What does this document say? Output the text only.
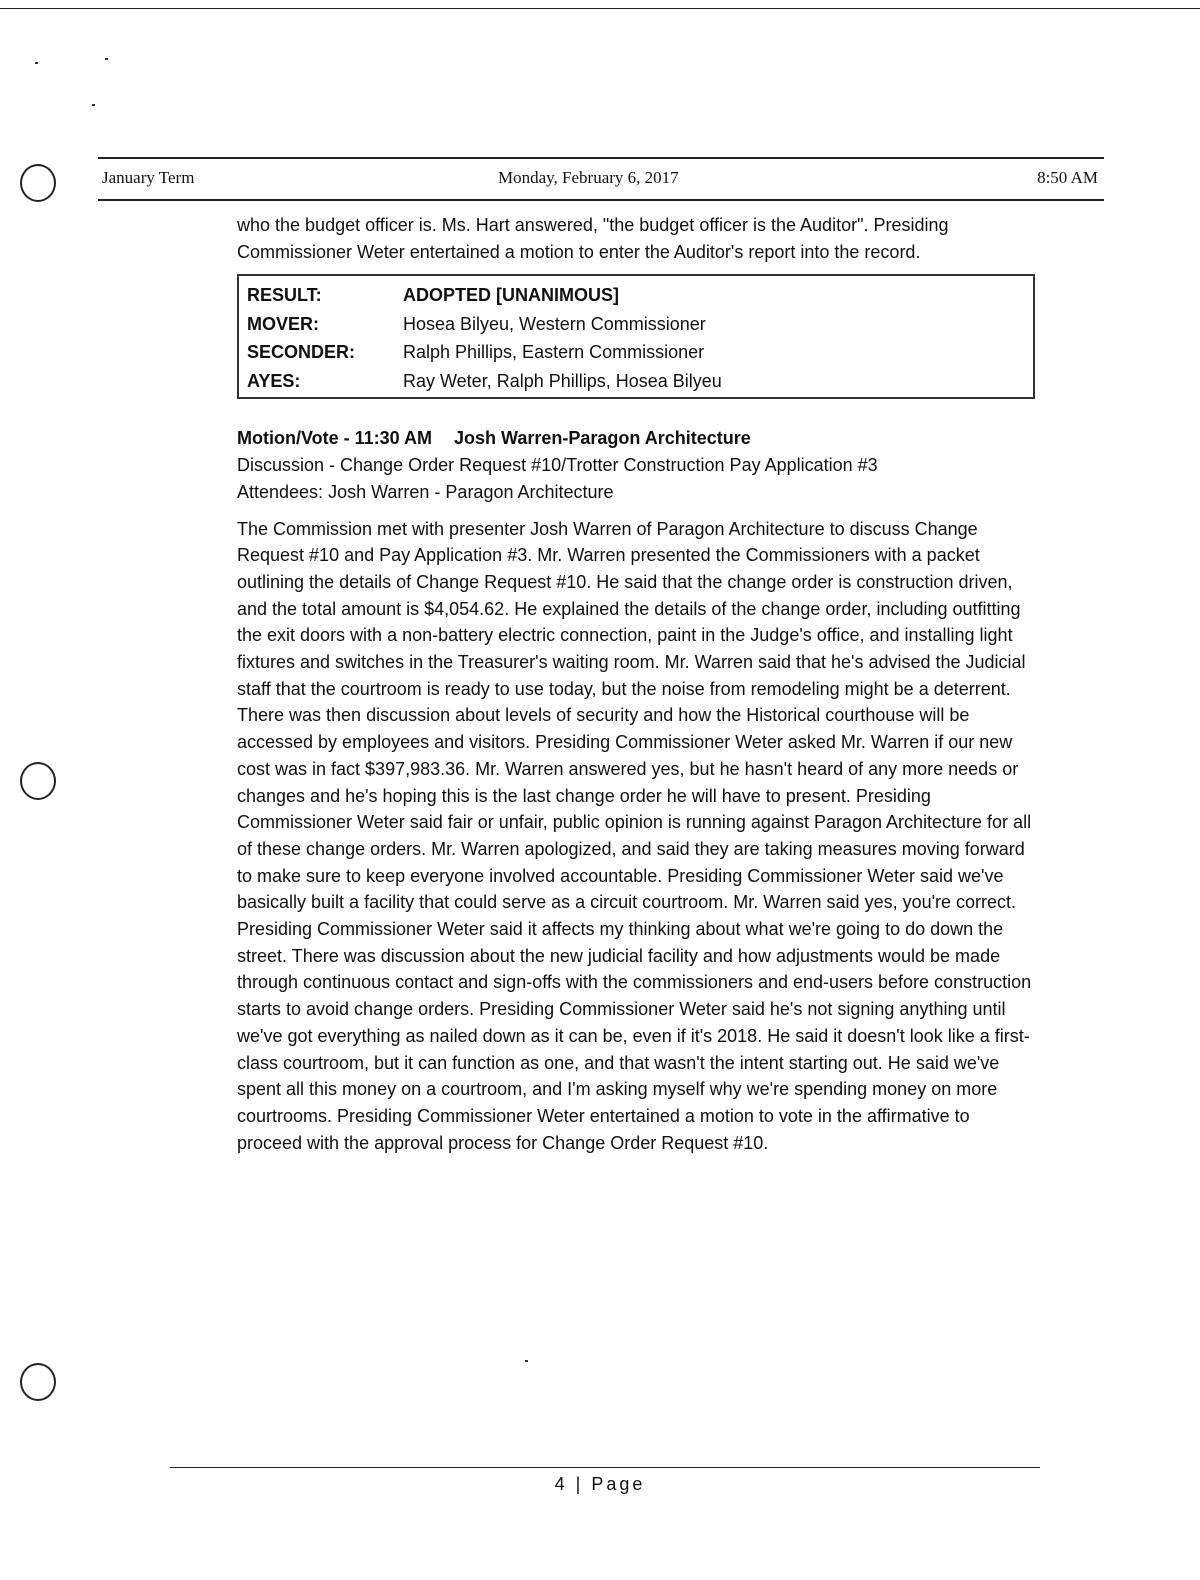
January Term	Monday, February 6, 2017	8:50 AM

who the budget officer is. Ms. Hart answered, "the budget officer is the Auditor". Presiding Commissioner Weter entertained a motion to enter the Auditor's report into the record.

RESULT:	ADOPTED [UNANIMOUS]
MOVER:	Hosea Bilyeu, Western Commissioner
SECONDER:	Ralph Phillips, Eastern Commissioner
AYES:	Ray Weter, Ralph Phillips, Hosea Bilyeu
Motion/Vote - 11:30 AM Josh Warren-Paragon Architecture
Discussion - Change Order Request #10/Trotter Construction Pay Application #3
Attendees: Josh Warren - Paragon Architecture

The Commission met with presenter Josh Warren of Paragon Architecture to discuss Change Request #10 and Pay Application #3. Mr. Warren presented the Commissioners with a packet outlining the details of Change Request #10. He said that the change order is construction driven, and the total amount is $4,054.62. He explained the details of the change order, including outfitting the exit doors with a non-battery electric connection, paint in the Judge's office, and installing light fixtures and switches in the Treasurer's waiting room. Mr. Warren said that he's advised the Judicial staff that the courtroom is ready to use today, but the noise from remodeling might be a deterrent. There was then discussion about levels of security and how the Historical courthouse will be accessed by employees and visitors. Presiding Commissioner Weter asked Mr. Warren if our new cost was in fact $397,983.36. Mr. Warren answered yes, but he hasn't heard of any more needs or changes and he's hoping this is the last change order he will have to present. Presiding Commissioner Weter said fair or unfair, public opinion is running against Paragon Architecture for all of these change orders. Mr. Warren apologized, and said they are taking measures moving forward to make sure to keep everyone involved accountable. Presiding Commissioner Weter said we've basically built a facility that could serve as a circuit courtroom. Mr. Warren said yes, you're correct. Presiding Commissioner Weter said it affects my thinking about what we're going to do down the street. There was discussion about the new judicial facility and how adjustments would be made through continuous contact and sign-offs with the commissioners and end-users before construction starts to avoid change orders. Presiding Commissioner Weter said he's not signing anything until we've got everything as nailed down as it can be, even if it's 2018. He said it doesn't look like a first-class courtroom, but it can function as one, and that wasn't the intent starting out. He said we've spent all this money on a courtroom, and I'm asking myself why we're spending money on more courtrooms. Presiding Commissioner Weter entertained a motion to vote in the affirmative to proceed with the approval process for Change Order Request #10.

4 | Page
